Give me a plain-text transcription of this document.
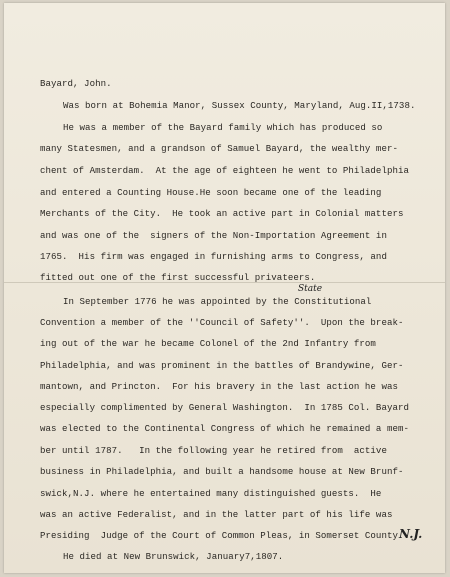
Bayard, John.
Was born at Bohemia Manor, Sussex County, Maryland, Aug.II,1738.
He was a member of the Bayard family which has produced so
many Statesmen, and a grandson of Samuel Bayard, the wealthy mer-
chent of Amsterdam.  At the age of eighteen he went to Philadelphia
and entered a Counting House.He soon became one of the leading
Merchants of the City.  He took an active part in Colonial matters
and was one of the  signers of the Non-Importation Agreement in
1765.  His firm was engaged in furnishing arms to Congress, and
fitted out one of the first successful privateers.
State
In September 1776 he was appointed by the Constitutional
Convention a member of the ''Council of Safety''.  Upon the break-
ing out of the war he became Colonel of the 2nd Infantry from
Philadelphia, and was prominent in the battles of Brandywine, Ger-
mantown, and Princton.  For his bravery in the last action he was
especially complimented by General Washington.  In 1785 Col. Bayard
was elected to the Continental Congress of which he remained a mem-
ber until 1787.   In the following year he retired from  active
business in Philadelphia, and built a handsome house at New Brunf-
swick,N.J. where he entertained many distinguished guests.  He
was an active Federalist, and in the latter part of his life was
Presiding  Judge of the Court of Common Pleas, in Somerset County N.J.
He died at New Brunswick, January7,1807.
